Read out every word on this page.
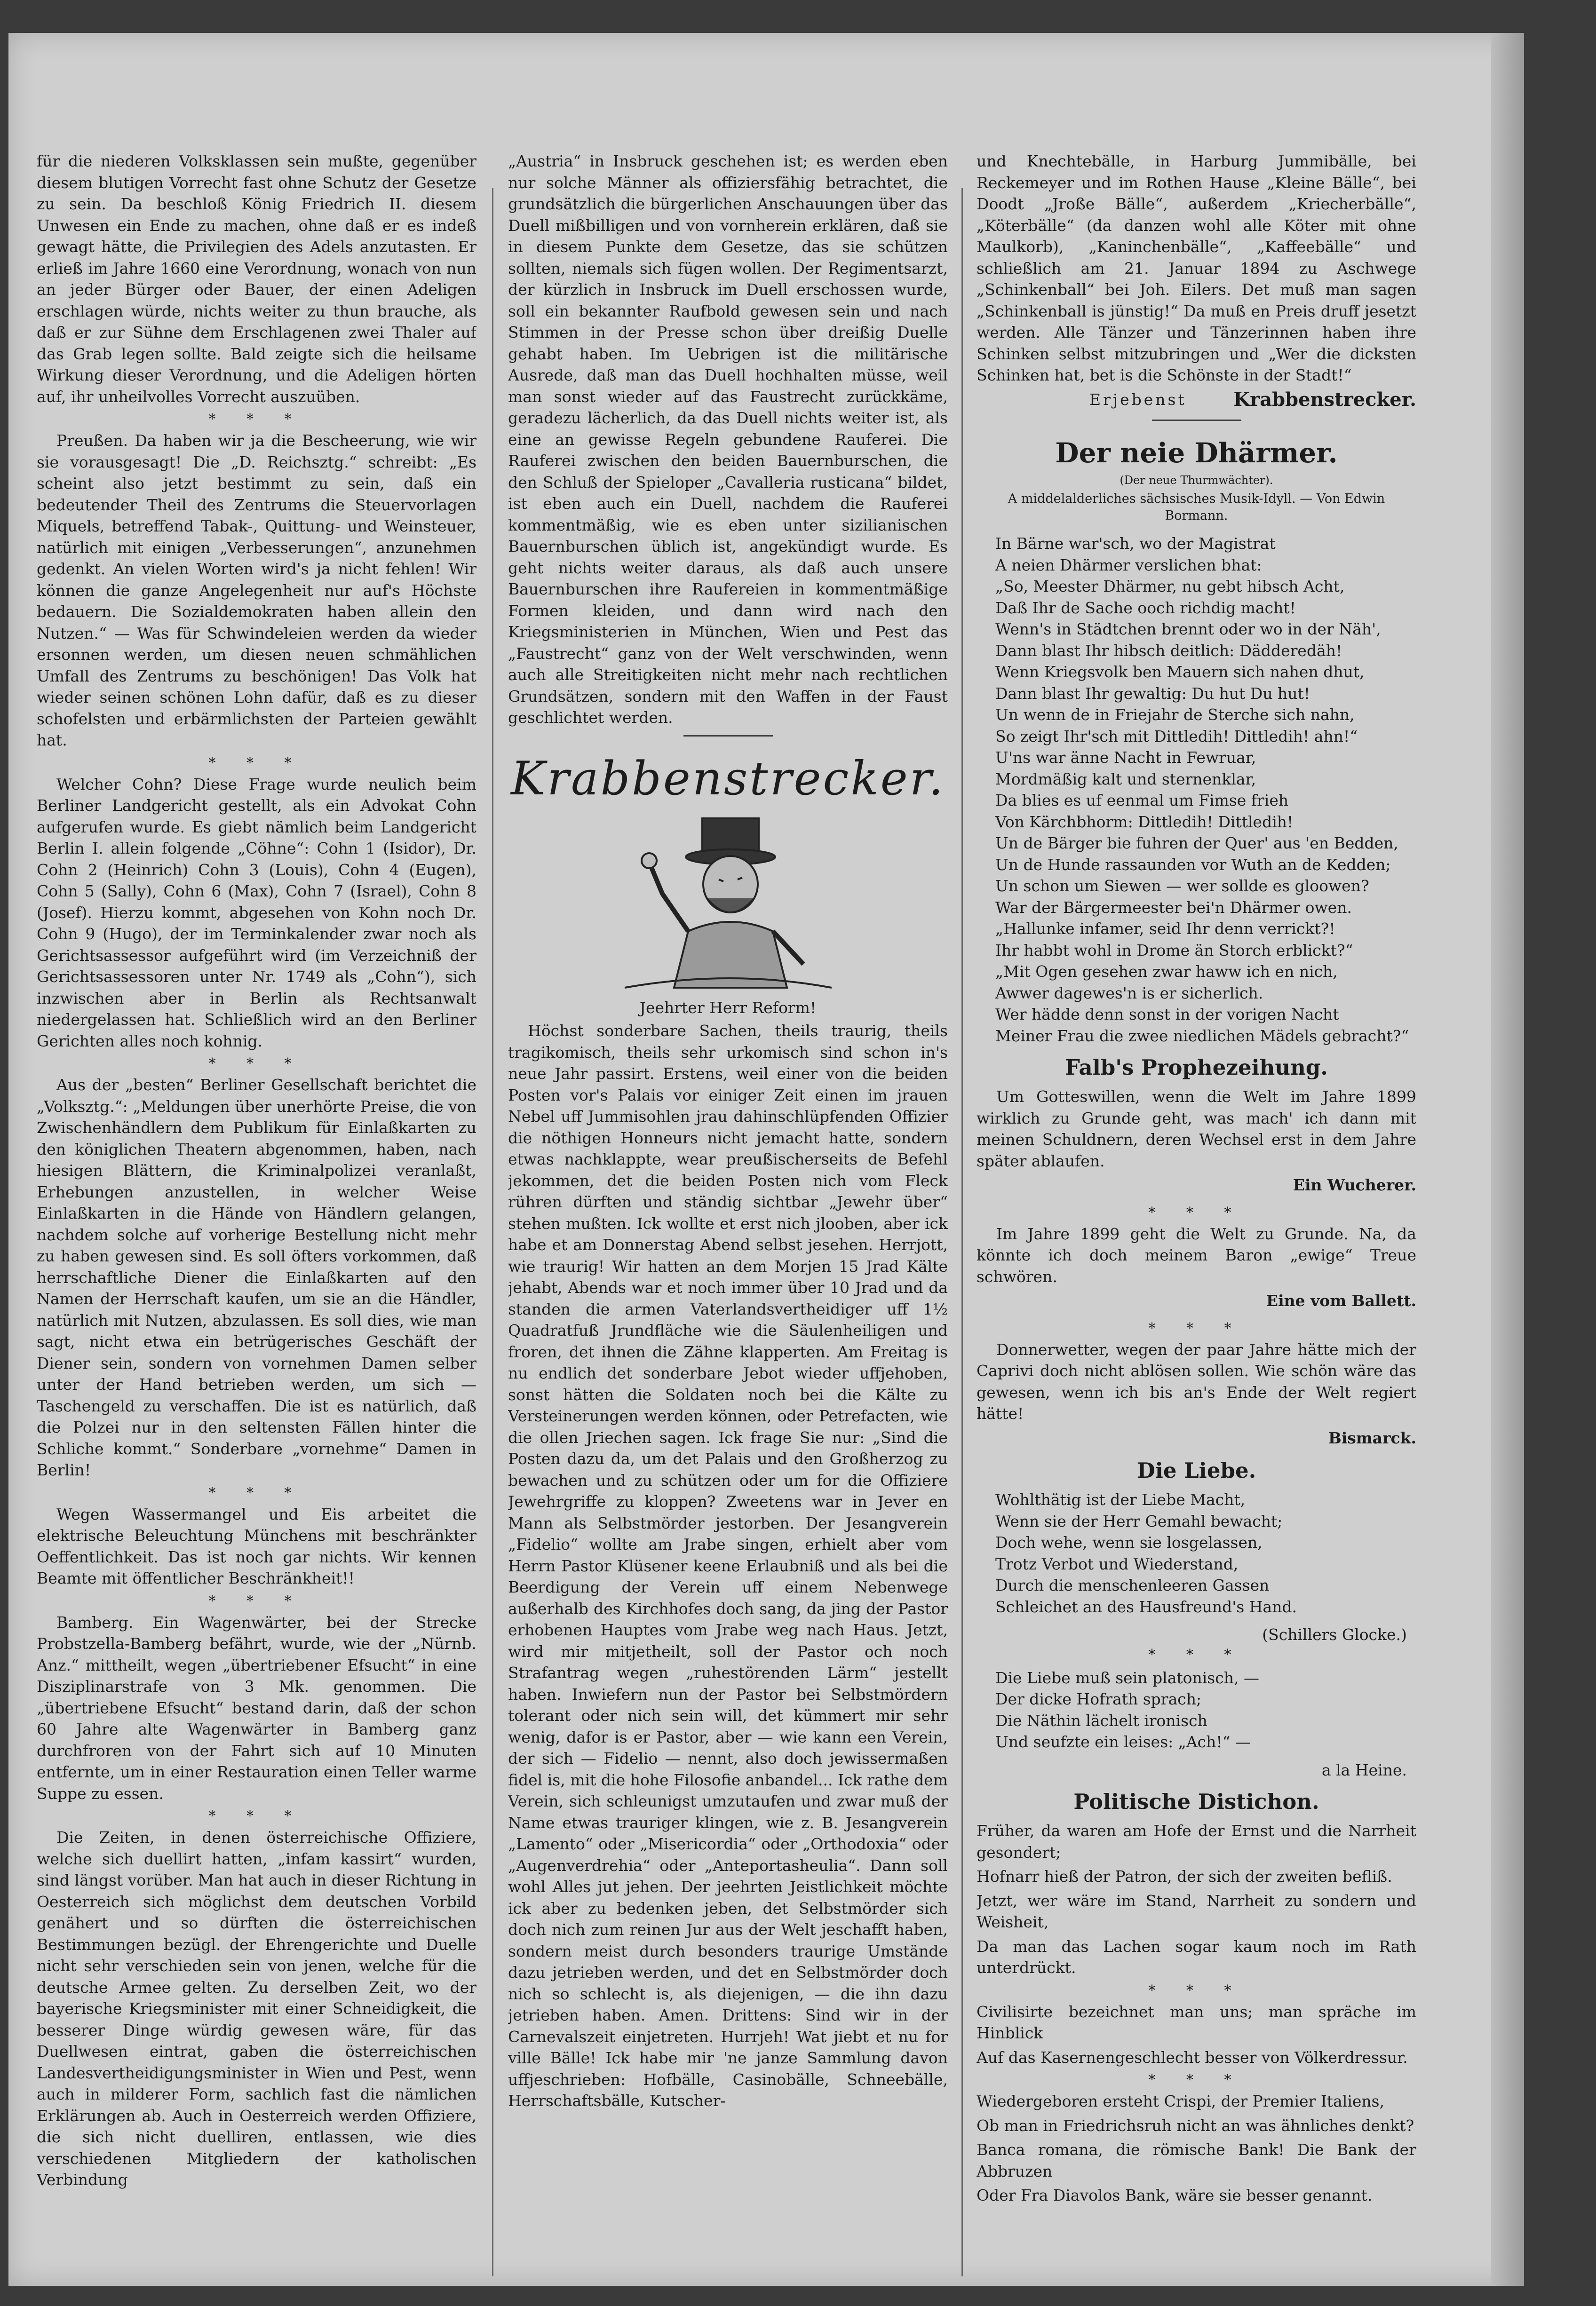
für die niederen Volksklassen sein mußte, gegenüber diesem blutigen Vorrecht fast ohne Schutz der Gesetze zu sein. Da beschloß König Friedrich II. diesem Unwesen ein Ende zu machen, ohne daß er es indeß gewagt hätte, die Privilegien des Adels anzutasten. Er erließ im Jahre 1660 eine Verordnung, wonach von nun an jeder Bürger oder Bauer, der einen Adeligen erschlagen würde, nichts weiter zu thun brauche, als daß er zur Sühne dem Erschlagenen zwei Thaler auf das Grab legen sollte. Bald zeigte sich die heilsame Wirkung dieser Verordnung, und die Adeligen hörten auf, ihr unheilvolles Vorrecht auszuüben.

* * *

Preußen. Da haben wir ja die Bescheerung, wie wir sie vorausgesagt! Die „D. Reichsztg.“ schreibt: „Es scheint also jetzt bestimmt zu sein, daß ein bedeutender Theil des Zentrums die Steuervorlagen Miquels, betreffend Tabak-, Quittung- und Weinsteuer, natürlich mit einigen „Verbesserungen“, anzunehmen gedenkt. An vielen Worten wird's ja nicht fehlen! Wir können die ganze Angelegenheit nur auf's Höchste bedauern. Die Sozialdemokraten haben allein den Nutzen.“ — Was für Schwindeleien werden da wieder ersonnen werden, um diesen neuen schmählichen Umfall des Zentrums zu beschönigen! Das Volk hat wieder seinen schönen Lohn dafür, daß es zu dieser schofelsten und erbärmlichsten der Parteien gewählt hat.

* * *

Welcher Cohn? Diese Frage wurde neulich beim Berliner Landgericht gestellt, als ein Advokat Cohn aufgerufen wurde. Es giebt nämlich beim Landgericht Berlin I. allein folgende „Cöhne“: Cohn 1 (Isidor), Dr. Cohn 2 (Heinrich) Cohn 3 (Louis), Cohn 4 (Eugen), Cohn 5 (Sally), Cohn 6 (Max), Cohn 7 (Israel), Cohn 8 (Josef). Hierzu kommt, abgesehen von Kohn noch Dr. Cohn 9 (Hugo), der im Terminkalender zwar noch als Gerichtsassessor aufgeführt wird (im Verzeichniß der Gerichtsassessoren unter Nr. 1749 als „Cohn“), sich inzwischen aber in Berlin als Rechtsanwalt niedergelassen hat. Schließlich wird an den Berliner Gerichten alles noch kohnig.

* * *

Aus der „besten“ Berliner Gesellschaft berichtet die „Volksztg.“: „Meldungen über unerhörte Preise, die von Zwischenhändlern dem Publikum für Einlaßkarten zu den königlichen Theatern abgenommen, haben, nach hiesigen Blättern, die Kriminalpolizei veranlaßt, Erhebungen anzustellen, in welcher Weise Einlaßkarten in die Hände von Händlern gelangen, nachdem solche auf vorherige Bestellung nicht mehr zu haben gewesen sind. Es soll öfters vorkommen, daß herrschaftliche Diener die Einlaßkarten auf den Namen der Herrschaft kaufen, um sie an die Händler, natürlich mit Nutzen, abzulassen. Es soll dies, wie man sagt, nicht etwa ein betrügerisches Geschäft der Diener sein, sondern von vornehmen Damen selber unter der Hand betrieben werden, um sich — Taschengeld zu verschaffen. Die ist es natürlich, daß die Polzei nur in den seltensten Fällen hinter die Schliche kommt.“ Sonderbare „vornehme“ Damen in Berlin!

* * *

Wegen Wassermangel und Eis arbeitet die elektrische Beleuchtung Münchens mit beschränkter Oeffentlichkeit. Das ist noch gar nichts. Wir kennen Beamte mit öffentlicher Beschränkheit!!

* * *

Bamberg. Ein Wagenwärter, bei der Strecke Probstzella-Bamberg befährt, wurde, wie der „Nürnb. Anz.“ mittheilt, wegen „übertriebener Efsucht“ in eine Disziplinarstrafe von 3 Mk. genommen. Die „übertriebene Efsucht“ bestand darin, daß der schon 60 Jahre alte Wagenwärter in Bamberg ganz durchfroren von der Fahrt sich auf 10 Minuten entfernte, um in einer Restauration einen Teller warme Suppe zu essen.

* * *

Die Zeiten, in denen österreichische Offiziere, welche sich duellirt hatten, „infam kassirt“ wurden, sind längst vorüber. Man hat auch in dieser Richtung in Oesterreich sich möglichst dem deutschen Vorbild genähert und so dürften die österreichischen Bestimmungen bezügl. der Ehrengerichte und Duelle nicht sehr verschieden sein von jenen, welche für die deutsche Armee gelten. Zu derselben Zeit, wo der bayerische Kriegsminister mit einer Schneidigkeit, die besserer Dinge würdig gewesen wäre, für das Duellwesen eintrat, gaben die österreichischen Landesvertheidigungsminister in Wien und Pest, wenn auch in milderer Form, sachlich fast die nämlichen Erklärungen ab. Auch in Oesterreich werden Offiziere, die sich nicht duelliren, entlassen, wie dies verschiedenen Mitgliedern der katholischen Verbindung

„Austria“ in Insbruck geschehen ist; es werden eben nur solche Männer als offiziersfähig betrachtet, die grundsätzlich die bürgerlichen Anschauungen über das Duell mißbilligen und von vornherein erklären, daß sie in diesem Punkte dem Gesetze, das sie schützen sollten, niemals sich fügen wollen. Der Regimentsarzt, der kürzlich in Insbruck im Duell erschossen wurde, soll ein bekannter Raufbold gewesen sein und nach Stimmen in der Presse schon über dreißig Duelle gehabt haben. Im Uebrigen ist die militärische Ausrede, daß man das Duell hochhalten müsse, weil man sonst wieder auf das Faustrecht zurückkäme, geradezu lächerlich, da das Duell nichts weiter ist, als eine an gewisse Regeln gebundene Rauferei. Die Rauferei zwischen den beiden Bauernburschen, die den Schluß der Spieloper „Cavalleria rusticana“ bildet, ist eben auch ein Duell, nachdem die Rauferei kommentmäßig, wie es eben unter sizilianischen Bauernburschen üblich ist, angekündigt wurde. Es geht nichts weiter daraus, als daß auch unsere Bauernburschen ihre Raufereien in kommentmäßige Formen kleiden, und dann wird nach den Kriegsministerien in München, Wien und Pest das „Faustrecht“ ganz von der Welt verschwinden, wenn auch alle Streitigkeiten nicht mehr nach rechtlichen Grundsätzen, sondern mit den Waffen in der Faust geschlichtet werden.

Krabbenstrecker.
Jeehrter Herr Reform!

Höchst sonderbare Sachen, theils traurig, theils tragikomisch, theils sehr urkomisch sind schon in's neue Jahr passirt. Erstens, weil einer von die beiden Posten vor's Palais vor einiger Zeit einen im jrauen Nebel uff Jummisohlen jrau dahinschlüpfenden Offizier die nöthigen Honneurs nicht jemacht hatte, sondern etwas nachklappte, wear preußischerseits de Befehl jekommen, det die beiden Posten nich vom Fleck rühren dürften und ständig sichtbar „Jewehr über“ stehen mußten. Ick wollte et erst nich jlooben, aber ick habe et am Donnerstag Abend selbst jesehen. Herrjott, wie traurig! Wir hatten an dem Morjen 15 Jrad Kälte jehabt, Abends war et noch immer über 10 Jrad und da standen die armen Vaterlandsvertheidiger uff 1½ Quadratfuß Jrundfläche wie die Säulenheiligen und froren, det ihnen die Zähne klapperten. Am Freitag is nu endlich det sonderbare Jebot wieder uffjehoben, sonst hätten die Soldaten noch bei die Kälte zu Versteinerungen werden können, oder Petrefacten, wie die ollen Jriechen sagen. Ick frage Sie nur: „Sind die Posten dazu da, um det Palais und den Großherzog zu bewachen und zu schützen oder um for die Offiziere Jewehrgriffe zu kloppen? Zweetens war in Jever en Mann als Selbstmörder jestorben. Der Jesangverein „Fidelio“ wollte am Jrabe singen, erhielt aber vom Herrn Pastor Klüsener keene Erlaubniß und als bei die Beerdigung der Verein uff einem Nebenwege außerhalb des Kirchhofes doch sang, da jing der Pastor erhobenen Hauptes vom Jrabe weg nach Haus. Jetzt, wird mir mitjetheilt, soll der Pastor och noch Strafantrag wegen „ruhestörenden Lärm“ jestellt haben. Inwiefern nun der Pastor bei Selbstmördern tolerant oder nich sein will, det kümmert mir sehr wenig, dafor is er Pastor, aber — wie kann een Verein, der sich — Fidelio — nennt, also doch jewissermaßen fidel is, mit die hohe Filosofie anbandel... Ick rathe dem Verein, sich schleunigst umzutaufen und zwar muß der Name etwas trauriger klingen, wie z. B. Jesangverein „Lamento“ oder „Misericordia“ oder „Orthodoxia“ oder „Augenverdrehia“ oder „Anteportasheulia“. Dann soll wohl Alles jut jehen. Der jeehrten Jeistlichkeit möchte ick aber zu bedenken jeben, det Selbstmörder sich doch nich zum reinen Jur aus der Welt jeschafft haben, sondern meist durch besonders traurige Umstände dazu jetrieben werden, und det en Selbstmörder doch nich so schlecht is, als diejenigen, — die ihn dazu jetrieben haben. Amen. Drittens: Sind wir in der Carnevalszeit einjetreten. Hurrjeh! Wat jiebt et nu for ville Bälle! Ick habe mir 'ne janze Sammlung davon uffjeschrieben: Hofbälle, Casinobälle, Schneebälle, Herrschaftsbälle, Kutscher-

und Knechtebälle, in Harburg Jummibälle, bei Reckemeyer und im Rothen Hause „Kleine Bälle“, bei Doodt „Jroße Bälle“, außerdem „Kriecherbälle“, „Köterbälle“ (da danzen wohl alle Köter mit ohne Maulkorb), „Kaninchenbälle“, „Kaffeebälle“ und schließlich am 21. Januar 1894 zu Aschwege „Schinkenball“ bei Joh. Eilers. Det muß man sagen „Schinkenball is jünstig!“ Da muß en Preis druff jesetzt werden. Alle Tänzer und Tänzerinnen haben ihre Schinken selbst mitzubringen und „Wer die dicksten Schinken hat, bet is die Schönste in der Stadt!“

Erjebenst Krabbenstrecker.
Der neie Dhärmer.
(Der neue Thurmwächter).
A middelalderliches sächsisches Musik-Idyll. — Von Edwin Bormann.
In Bärne war'sch, wo der Magistrat
A neien Dhärmer verslichen bhat:
„So, Meester Dhärmer, nu gebt hibsch Acht,
Daß Ihr de Sache ooch richdig macht!
Wenn's in Städtchen brennt oder wo in der Näh',
Dann blast Ihr hibsch deitlich: Dädderedäh!
Wenn Kriegsvolk ben Mauern sich nahen dhut,
Dann blast Ihr gewaltig: Du hut Du hut!
Un wenn de in Friejahr de Sterche sich nahn,
So zeigt Ihr'sch mit Dittledih! Dittledih! ahn!“
U'ns war änne Nacht in Fewruar,
Mordmäßig kalt und sternenklar,
Da blies es uf eenmal um Fimse frieh
Von Kärchbhorm: Dittledih! Dittledih!
Un de Bärger bie fuhren der Quer' aus 'en Bedden,
Un de Hunde rassaunden vor Wuth an de Kedden;
Un schon um Siewen — wer sollde es gloowen?
War der Bärgermeester bei'n Dhärmer owen.
„Hallunke infamer, seid Ihr denn verrickt?!
Ihr habbt wohl in Drome än Storch erblickt?“
„Mit Ogen gesehen zwar haww ich en nich,
Awwer dagewes'n is er sicherlich.
Wer hädde denn sonst in der vorigen Nacht
Meiner Frau die zwee niedlichen Mädels gebracht?“
Falb's Prophezeihung.

Um Gotteswillen, wenn die Welt im Jahre 1899 wirklich zu Grunde geht, was mach' ich dann mit meinen Schuldnern, deren Wechsel erst in dem Jahre später ablaufen.

Ein Wucherer.
* * *

Im Jahre 1899 geht die Welt zu Grunde. Na, da könnte ich doch meinem Baron „ewige“ Treue schwören.

Eine vom Ballett.
* * *

Donnerwetter, wegen der paar Jahre hätte mich der Caprivi doch nicht ablösen sollen. Wie schön wäre das gewesen, wenn ich bis an's Ende der Welt regiert hätte!

Bismarck.
Die Liebe.
Wohlthätig ist der Liebe Macht,
Wenn sie der Herr Gemahl bewacht;
Doch wehe, wenn sie losgelassen,
Trotz Verbot und Wiederstand,
Durch die menschenleeren Gassen
Schleichet an des Hausfreund's Hand.
(Schillers Glocke.)
* * *
Die Liebe muß sein platonisch, —
Der dicke Hofrath sprach;
Die Näthin lächelt ironisch
Und seufzte ein leises: „Ach!“ —
a la Heine.
Politische Distichon.

Früher, da waren am Hofe der Ernst und die Narrheit gesondert;

Hofnarr hieß der Patron, der sich der zweiten befliß.

Jetzt, wer wäre im Stand, Narrheit zu sondern und Weisheit,

Da man das Lachen sogar kaum noch im Rath unterdrückt.

* * *

Civilisirte bezeichnet man uns; man spräche im Hinblick

Auf das Kasernengeschlecht besser von Völkerdressur.

* * *

Wiedergeboren ersteht Crispi, der Premier Italiens,

Ob man in Friedrichsruh nicht an was ähnliches denkt?

Banca romana, die römische Bank! Die Bank der Abbruzen

Oder Fra Diavolos Bank, wäre sie besser genannt.
